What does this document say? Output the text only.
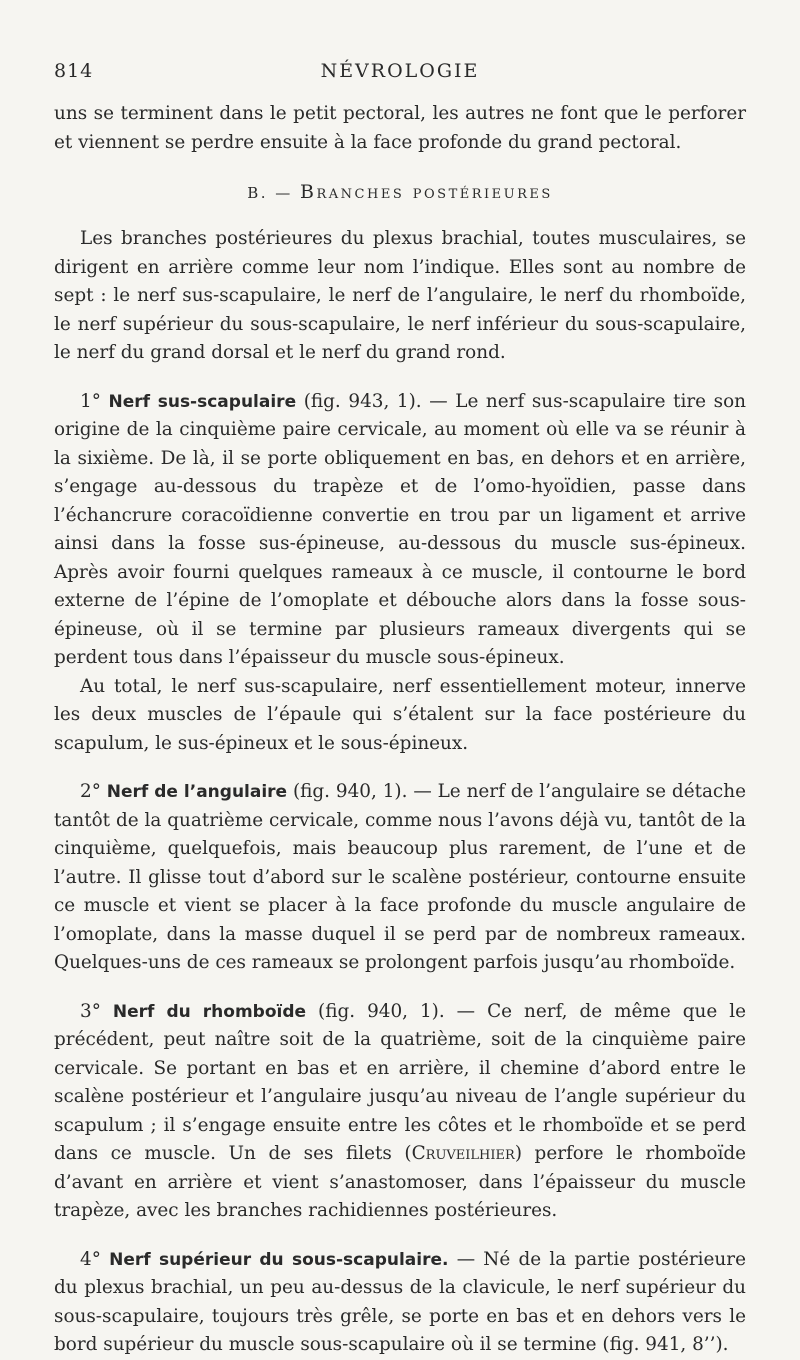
814	NÉVROLOGIE

uns se terminent dans le petit pectoral, les autres ne font que le perforer et viennent se perdre ensuite à la face profonde du grand pectoral.

B. — Branches postérieures

Les branches postérieures du plexus brachial, toutes musculaires, se dirigent en arrière comme leur nom l’indique. Elles sont au nombre de sept : le nerf sus-scapulaire, le nerf de l’angulaire, le nerf du rhomboïde, le nerf supérieur du sous-scapulaire, le nerf inférieur du sous-scapulaire, le nerf du grand dorsal et le nerf du grand rond.

1° Nerf sus-scapulaire (fig. 943, 1). — Le nerf sus-scapulaire tire son origine de la cinquième paire cervicale, au moment où elle va se réunir à la sixième. De là, il se porte obliquement en bas, en dehors et en arrière, s’engage au-dessous du trapèze et de l’omo-hyoïdien, passe dans l’échancrure coracoïdienne convertie en trou par un ligament et arrive ainsi dans la fosse sus-épineuse, au-dessous du muscle sus-épineux. Après avoir fourni quelques rameaux à ce muscle, il contourne le bord externe de l’épine de l’omoplate et débouche alors dans la fosse sous-épineuse, où il se termine par plusieurs rameaux divergents qui se perdent tous dans l’épaisseur du muscle sous-épineux.

Au total, le nerf sus-scapulaire, nerf essentiellement moteur, innerve les deux muscles de l’épaule qui s’étalent sur la face postérieure du scapulum, le sus-épineux et le sous-épineux.

2° Nerf de l’angulaire (fig. 940, 1). — Le nerf de l’angulaire se détache tantôt de la quatrième cervicale, comme nous l’avons déjà vu, tantôt de la cinquième, quelquefois, mais beaucoup plus rarement, de l’une et de l’autre. Il glisse tout d’abord sur le scalène postérieur, contourne ensuite ce muscle et vient se placer à la face profonde du muscle angulaire de l’omoplate, dans la masse duquel il se perd par de nombreux rameaux. Quelques-uns de ces rameaux se prolongent parfois jusqu’au rhomboïde.

3° Nerf du rhomboïde (fig. 940, 1). — Ce nerf, de même que le précédent, peut naître soit de la quatrième, soit de la cinquième paire cervicale. Se portant en bas et en arrière, il chemine d’abord entre le scalène postérieur et l’angulaire jusqu’au niveau de l’angle supérieur du scapulum ; il s’engage ensuite entre les côtes et le rhomboïde et se perd dans ce muscle. Un de ses filets (Cruveilhier) perfore le rhomboïde d’avant en arrière et vient s’anastomoser, dans l’épaisseur du muscle trapèze, avec les branches rachidiennes postérieures.

4° Nerf supérieur du sous-scapulaire. — Né de la partie postérieure du plexus brachial, un peu au-dessus de la clavicule, le nerf supérieur du sous-scapulaire, toujours très grêle, se porte en bas et en dehors vers le bord supérieur du muscle sous-scapulaire où il se termine (fig. 941, 8’’).
